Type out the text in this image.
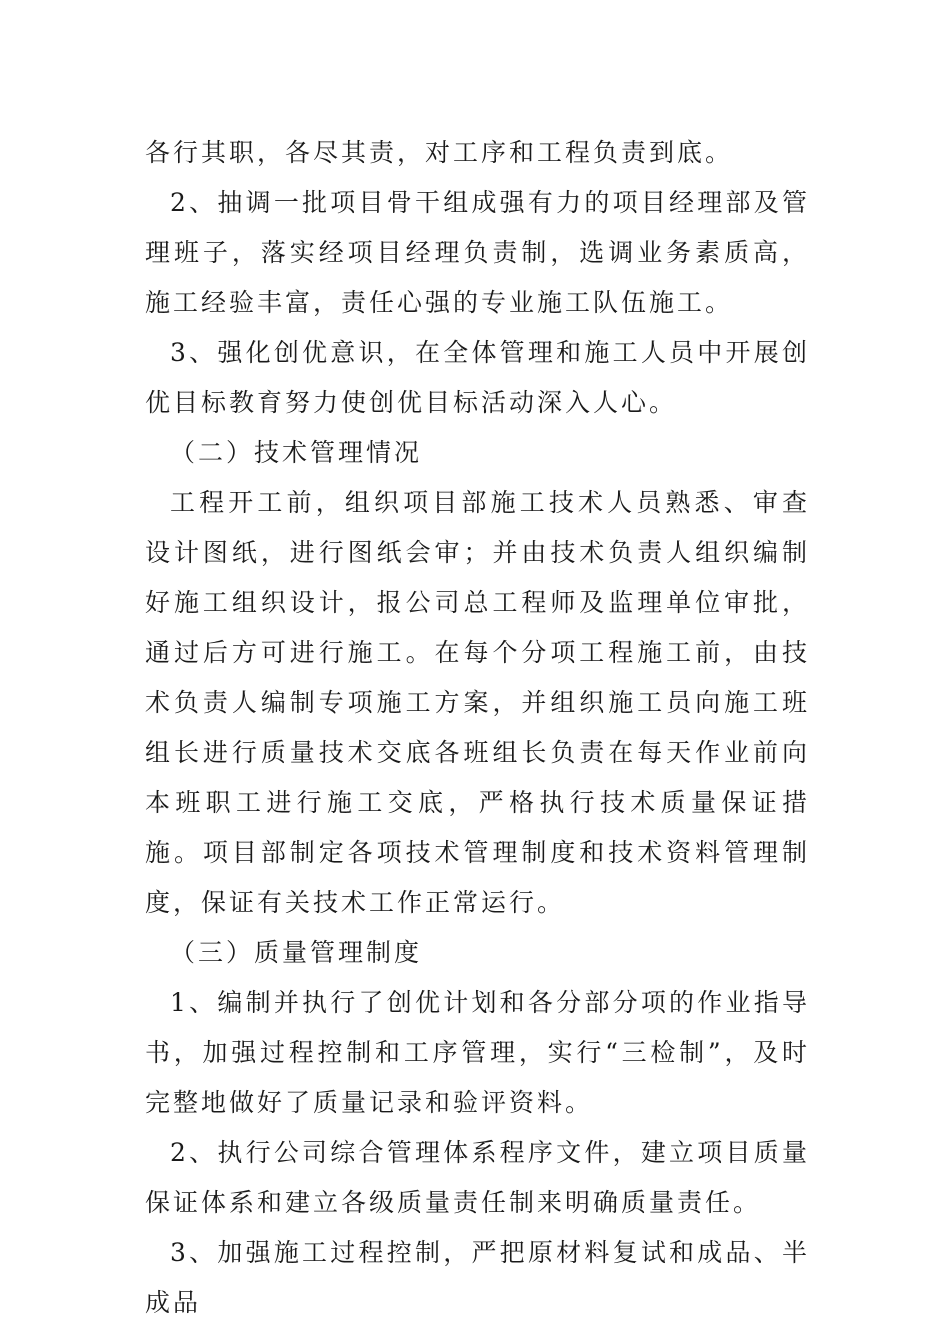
各行其职，各尽其责，对工序和工程负责到底。

2、抽调一批项目骨干组成强有力的项目经理部及管理班子，落实经项目经理负责制，选调业务素质高，施工经验丰富，责任心强的专业施工队伍施工。

3、强化创优意识，在全体管理和施工人员中开展创优目标教育努力使创优目标活动深入人心。

（二）技术管理情况

工程开工前，组织项目部施工技术人员熟悉、审查设计图纸，进行图纸会审；并由技术负责人组织编制好施工组织设计，报公司总工程师及监理单位审批，通过后方可进行施工。在每个分项工程施工前，由技术负责人编制专项施工方案，并组织施工员向施工班组长进行质量技术交底各班组长负责在每天作业前向本班职工进行施工交底，严格执行技术质量保证措施。项目部制定各项技术管理制度和技术资料管理制度，保证有关技术工作正常运行。

（三）质量管理制度

1、编制并执行了创优计划和各分部分项的作业指导书，加强过程控制和工序管理，实行“三检制”，及时完整地做好了质量记录和验评资料。

2、执行公司综合管理体系程序文件，建立项目质量保证体系和建立各级质量责任制来明确质量责任。

3、加强施工过程控制，严把原材料复试和成品、半成品
